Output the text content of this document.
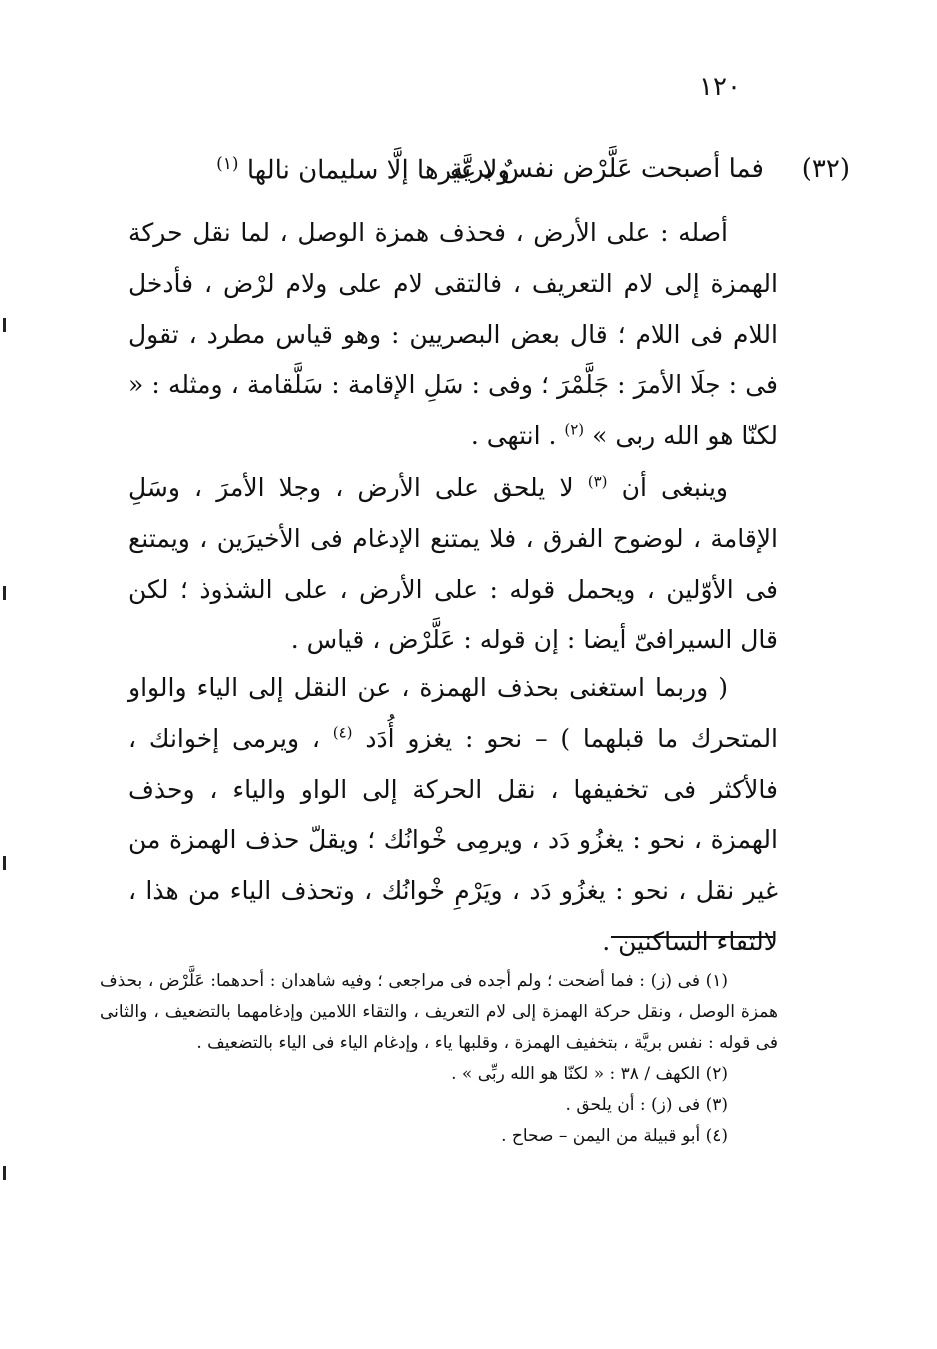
١٢٠
(٣٢)
فما أصبحت عَلَّرْض نفسٌ بريَّة
ولا غيرها إلَّا سليمان نالها $^{(١)}$

أصله : على الأرض ، فحذف همزة الوصل ، لما نقل حركة الهمزة إلى لام التعريف ، فالتقى لام على ولام لرْض ، فأدخل اللام فى اللام ؛ قال بعض البصريين : وهو قياس مطرد ، تقول فى : جلَا الأمرَ : جَلَّمْرَ ؛ وفى : سَلِ الإقامة : سَلَّقامة ، ومثله : « لكنّا هو الله ربى » $^{(٢)}$ . انتهى .

وينبغى أن $^{(٣)}$ لا يلحق على الأرض ، وجلا الأمرَ ، وسَلِ الإقامة ، لوضوح الفرق ، فلا يمتنع الإدغام فى الأخيرَين ، ويمتنع فى الأوّلين ، ويحمل قوله : على الأرض ، على الشذوذ ؛ لكن قال السيرافىّ أيضا : إن قوله : عَلَّرْض ، قياس .

( وربما استغنى بحذف الهمزة ، عن النقل إلى الياء والواو المتحرك ما قبلهما ) – نحو : يغزو أُدَد $^{(٤)}$ ، ويرمى إخوانك ، فالأكثر فى تخفيفها ، نقل الحركة إلى الواو والياء ، وحذف الهمزة ، نحو : يغزُو دَد ، ويرمِى خْوانُك ؛ ويقلّ حذف الهمزة من غير نقل ، نحو : يغزُو دَد ، ويَرْمِ خْوانُك ، وتحذف الياء من هذا ، لالتقاء الساكنين .

(١) فى (ز) : فما أضحت ؛ ولم أجده فى مراجعى ؛ وفيه شاهدان : أحدهما: عَلَّرْض ، بحذف همزة الوصل ، ونقل حركة الهمزة إلى لام التعريف ، والتقاء اللامين وإدغامهما بالتضعيف ، والثانى فى قوله : نفس بريَّة ، بتخفيف الهمزة ، وقلبها ياء ، وإدغام الياء فى الياء بالتضعيف .

(٢) الكهف / ٣٨ : « لكنّا هو الله ربِّى » .

(٣) فى (ز) : أن يلحق .

(٤) أبو قبيلة من اليمن – صحاح .
